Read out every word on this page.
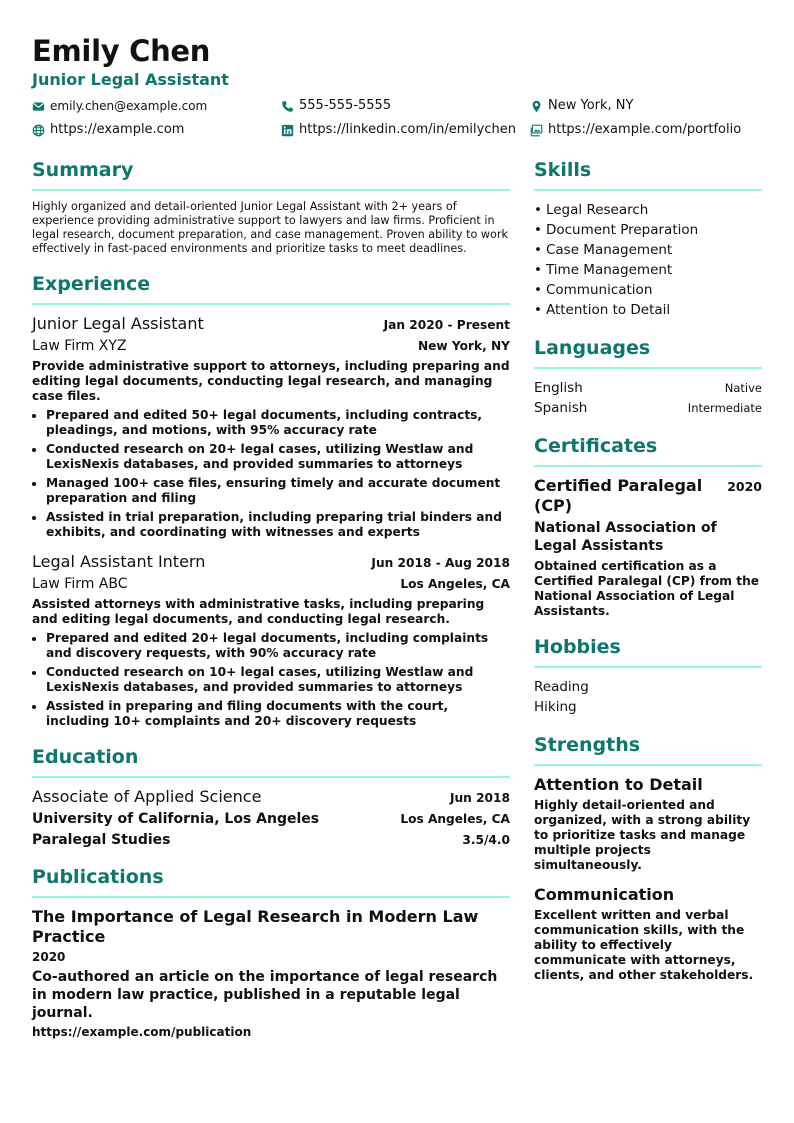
Emily Chen
Junior Legal Assistant
emily.chen@example.com	555-555-5555	New York, NY
https://example.com	https://linkedin.com/in/emilychen https://example.com/portfolio
Summary
Highly organized and detail-oriented Junior Legal Assistant with 2+ years of experience providing administrative support to lawyers and law firms. Proficient in legal research, document preparation, and case management. Proven ability to work effectively in fast-paced environments and prioritize tasks to meet deadlines.
Experience
Junior Legal Assistant	Jan 2020 - Present
Law Firm XYZ	New York, NY
Provide administrative support to attorneys, including preparing and editing legal documents, conducting legal research, and managing case files.
• Prepared and edited 50+ legal documents, including contracts, pleadings, and motions, with 95% accuracy rate
• Conducted research on 20+ legal cases, utilizing Westlaw and LexisNexis databases, and provided summaries to attorneys
• Managed 100+ case files, ensuring timely and accurate document preparation and filing
• Assisted in trial preparation, including preparing trial binders and exhibits, and coordinating with witnesses and experts
Legal Assistant Intern	Jun 2018 - Aug 2018
Law Firm ABC	Los Angeles, CA
Assisted attorneys with administrative tasks, including preparing and editing legal documents, and conducting legal research.
• Prepared and edited 20+ legal documents, including complaints and discovery requests, with 90% accuracy rate
• Conducted research on 10+ legal cases, utilizing Westlaw and LexisNexis databases, and provided summaries to attorneys
• Assisted in preparing and filing documents with the court, including 10+ complaints and 20+ discovery requests
Education
Associate of Applied Science	Jun 2018
University of California, Los Angeles	Los Angeles, CA
Paralegal Studies	3.5/4.0
Publications
The Importance of Legal Research in Modern Law Practice
2020
Co-authored an article on the importance of legal research in modern law practice, published in a reputable legal journal.
https://example.com/publication
Skills
• Legal Research
• Document Preparation
• Case Management
• Time Management
• Communication
• Attention to Detail
Languages
English	Native
Spanish	Intermediate
Certificates
Certified Paralegal (CP)
2020
National Association of Legal Assistants
Obtained certification as a Certified Paralegal (CP) from the National Association of Legal Assistants.
Hobbies
Reading
Hiking
Strengths
Attention to Detail
Highly detail-oriented and organized, with a strong ability to prioritize tasks and manage multiple projects simultaneously.
Communication
Excellent written and verbal communication skills, with the ability to effectively communicate with attorneys, clients, and other stakeholders.
